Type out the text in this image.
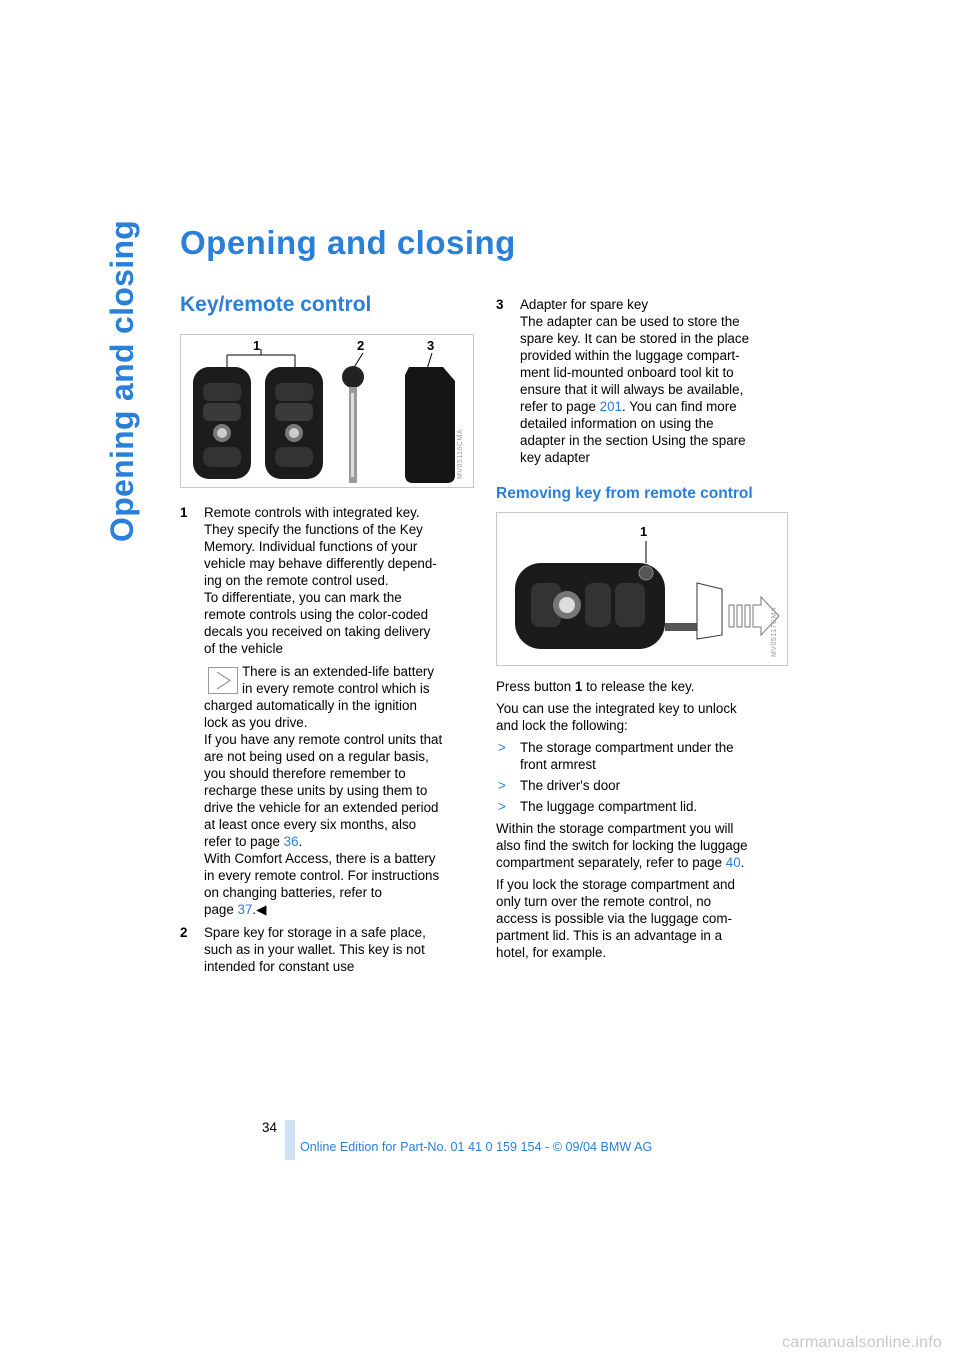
Opening and closing	Opening and closing
Key/remote control
1	2	3
MV05116CMA
1 Remote controls with integrated key.

They specify the functions of the Key

Memory. Individual functions of your

vehicle may behave differently depend-

ing on the remote control used.

To differentiate, you can mark the

remote controls using the color-coded

decals you received on taking delivery

of the vehicle

There is an extended-life battery

in every remote control which is

charged automatically in the ignition

lock as you drive.

If you have any remote control units that

are not being used on a regular basis,

you should therefore remember to

recharge these units by using them to

drive the vehicle for an extended period

at least once every six months, also

refer to page 36.

With Comfort Access, there is a battery

in every remote control. For instructions

on changing batteries, refer to

page 37.◀

2 Spare key for storage in a safe place,

such as in your wallet. This key is not

intended for constant use

3 Adapter for spare key

The adapter can be used to store the

spare key. It can be stored in the place

provided within the luggage compart-

ment lid-mounted onboard tool kit to

ensure that it will always be available,

refer to page 201. You can find more

detailed information on using the

adapter in the section Using the spare

key adapter

Removing key from remote control
1
MV05117CMA

Press button 1 to release the key.

You can use the integrated key to unlock

and lock the following:

> The storage compartment under the

front armrest

> The driver's door

> The luggage compartment lid.

Within the storage compartment you will

also find the switch for locking the luggage

compartment separately, refer to page 40.

If you lock the storage compartment and

only turn over the remote control, no

access is possible via the luggage com-

partment lid. This is an advantage in a

hotel, for example.

34
Online Edition for Part-No. 01 41 0 159 154 - © 09/04 BMW AG
carmanualsonline.info
